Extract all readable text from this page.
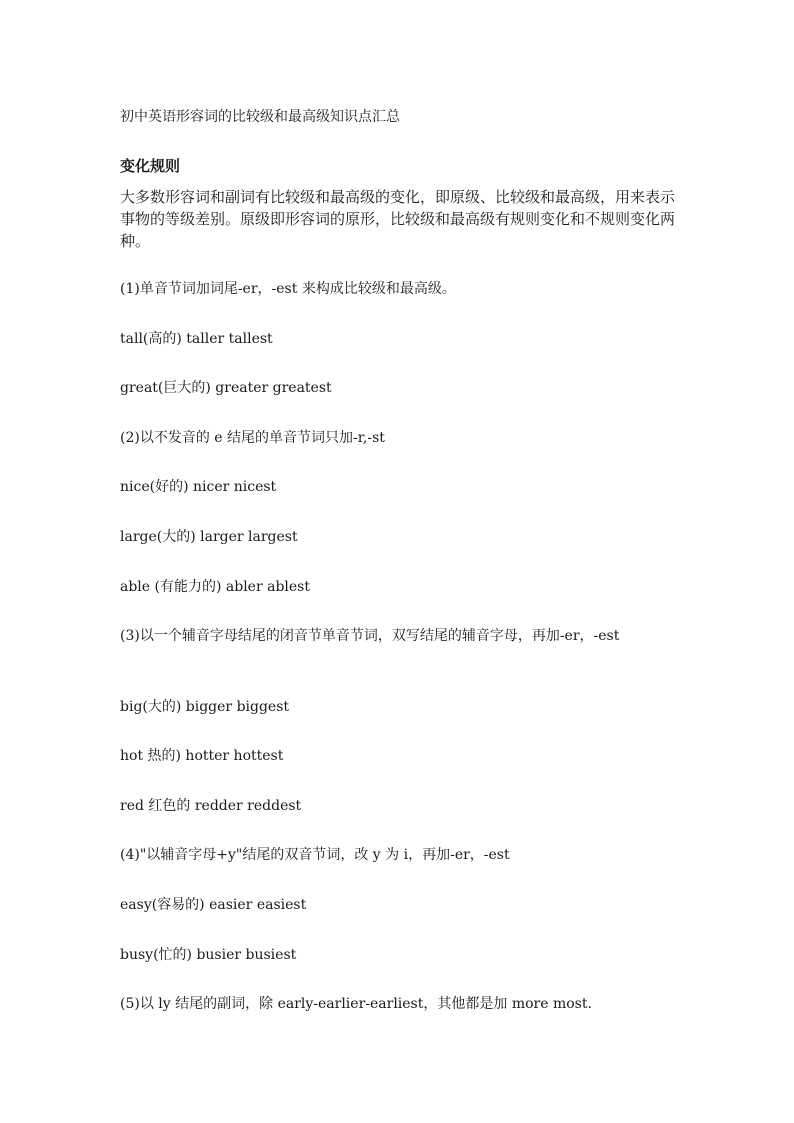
初中英语形容词的比较级和最高级知识点汇总
变化规则
大多数形容词和副词有比较级和最高级的变化，即原级、比较级和最高级，用来表示事物的等级差别。原级即形容词的原形，比较级和最高级有规则变化和不规则变化两种。
(1)单音节词加词尾-er，-est 来构成比较级和最高级。
tall(高的) taller tallest
great(巨大的) greater greatest
(2)以不发音的 e 结尾的单音节词只加-r,-st
nice(好的) nicer nicest
large(大的) larger largest
able (有能力的) abler ablest
(3)以一个辅音字母结尾的闭音节单音节词，双写结尾的辅音字母，再加-er，-est
big(大的) bigger biggest
hot 热的) hotter hottest
red 红色的 redder reddest
(4)"以辅音字母+y"结尾的双音节词，改 y 为 i，再加-er，-est
easy(容易的) easier easiest
busy(忙的) busier busiest
(5)以 ly 结尾的副词，除 early-earlier-earliest，其他都是加 more most.
